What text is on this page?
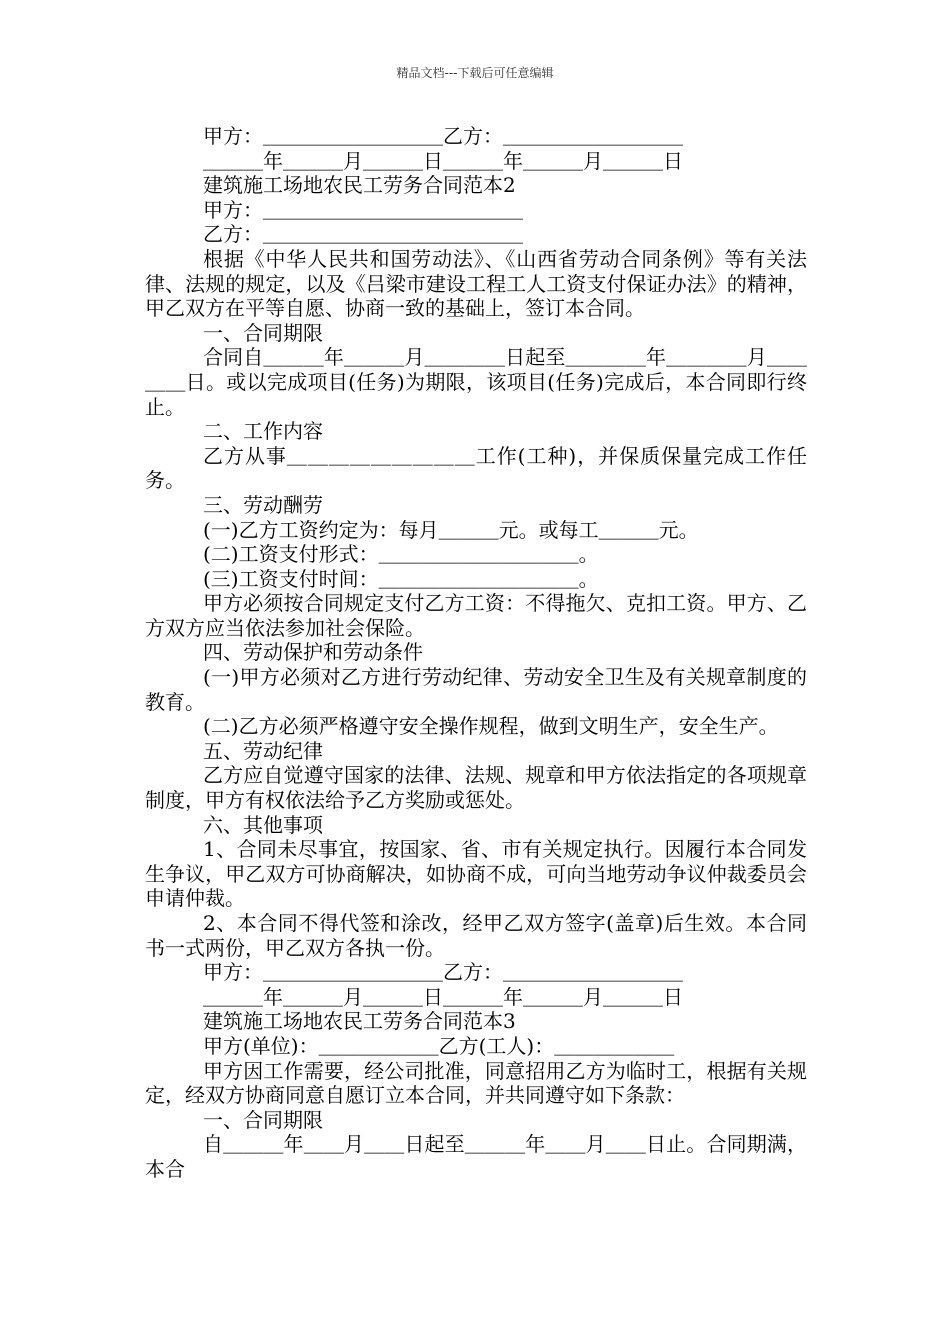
精品文档---下载后可任意编辑
甲方：＿＿＿＿＿＿＿＿＿乙方：＿＿＿＿＿＿＿＿＿
＿＿＿年＿＿＿月＿＿＿日＿＿＿年＿＿＿月＿＿＿日
建筑施工场地农民工劳务合同范本2
甲方：＿＿＿＿＿＿＿＿＿＿＿＿＿
乙方：＿＿＿＿＿＿＿＿＿＿＿＿＿
根据《中华人民共和国劳动法》、《山西省劳动合同条例》等有关法律、法规的规定，以及《吕梁市建设工程工人工资支付保证办法》的精神，甲乙双方在平等自愿、协商一致的基础上，签订本合同。
一、合同期限
合同自＿＿＿年＿＿＿月＿＿＿＿日起至＿＿＿＿年＿＿＿＿月＿＿＿＿日。或以完成项目(任务)为期限，该项目(任务)完成后，本合同即行终止。
二、工作内容
乙方从事＿＿＿＿＿＿＿＿＿工作(工种)，并保质保量完成工作任务。
三、劳动酬劳
(一)乙方工资约定为：每月＿＿＿元。或每工＿＿＿元。
(二)工资支付形式：＿＿＿＿＿＿＿＿＿＿。
(三)工资支付时间：＿＿＿＿＿＿＿＿＿＿。
甲方必须按合同规定支付乙方工资：不得拖欠、克扣工资。甲方、乙方双方应当依法参加社会保险。
四、劳动保护和劳动条件
(一)甲方必须对乙方进行劳动纪律、劳动安全卫生及有关规章制度的教育。
(二)乙方必须严格遵守安全操作规程，做到文明生产，安全生产。
五、劳动纪律
乙方应自觉遵守国家的法律、法规、规章和甲方依法指定的各项规章制度，甲方有权依法给予乙方奖励或惩处。
六、其他事项
1、合同未尽事宜，按国家、省、市有关规定执行。因履行本合同发生争议，甲乙双方可协商解决，如协商不成，可向当地劳动争议仲裁委员会申请仲裁。
2、本合同不得代签和涂改，经甲乙双方签字(盖章)后生效。本合同书一式两份，甲乙双方各执一份。
甲方：＿＿＿＿＿＿＿＿＿乙方：＿＿＿＿＿＿＿＿＿
＿＿＿年＿＿＿月＿＿＿日＿＿＿年＿＿＿月＿＿＿日
建筑施工场地农民工劳务合同范本3
甲方(单位)：＿＿＿＿＿＿乙方(工人)：＿＿＿＿＿＿
甲方因工作需要，经公司批准，同意招用乙方为临时工，根据有关规定，经双方协商同意自愿订立本合同，并共同遵守如下条款：
一、合同期限
自＿＿＿年＿＿月＿＿日起至＿＿＿年＿＿月＿＿日止。合同期满，本合
